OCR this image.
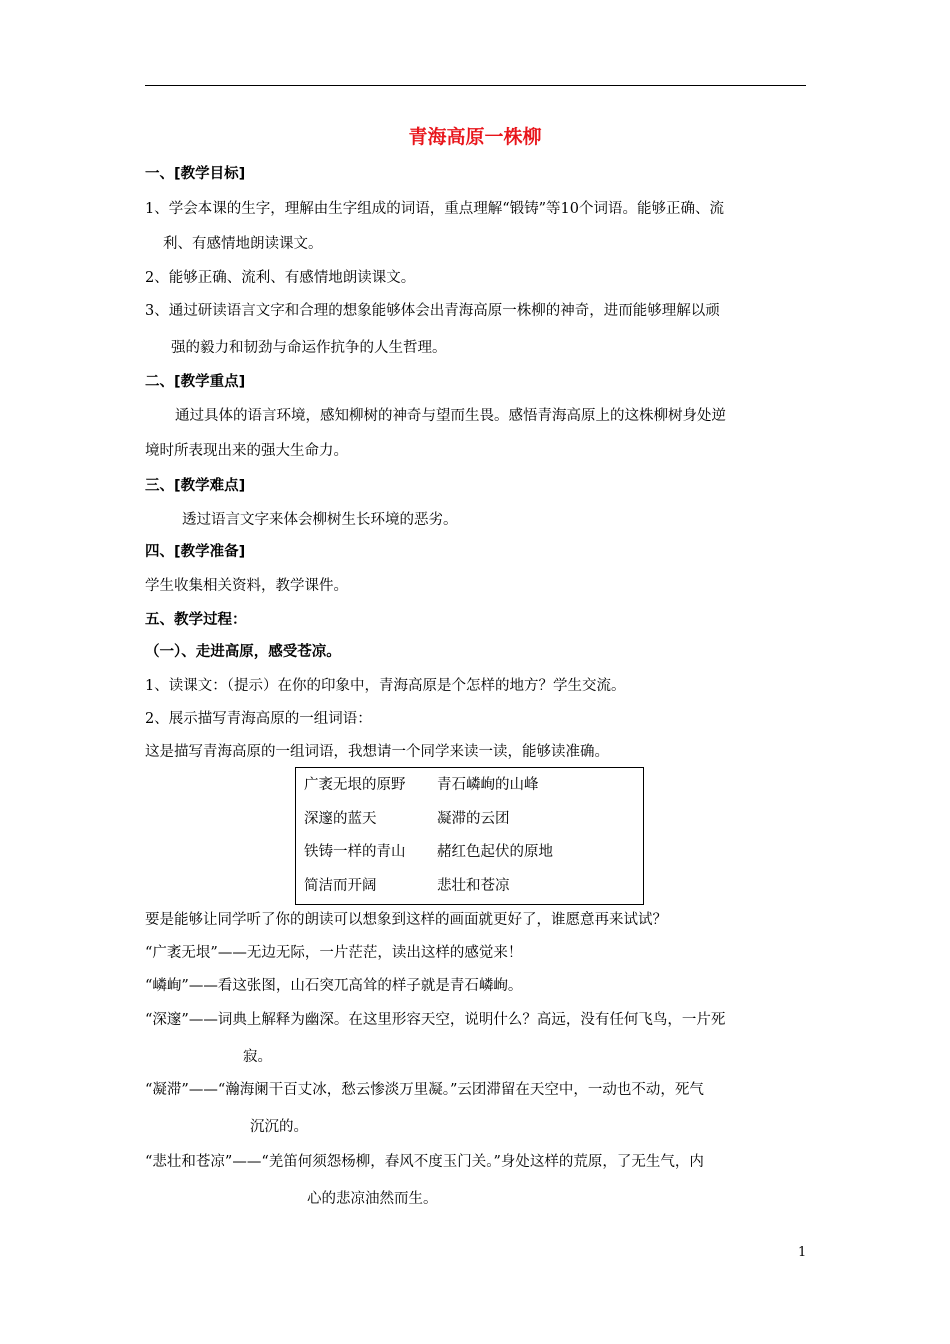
青海高原一株柳
一、[教学目标]
1、学会本课的生字，理解由生字组成的词语，重点理解“锻铸”等10个词语。能够正确、流
利、有感情地朗读课文。
2、能够正确、流利、有感情地朗读课文。
3、通过研读语言文字和合理的想象能够体会出青海高原一株柳的神奇，进而能够理解以顽
强的毅力和韧劲与命运作抗争的人生哲理。
二、[教学重点]
通过具体的语言环境，感知柳树的神奇与望而生畏。感悟青海高原上的这株柳树身处逆
境时所表现出来的强大生命力。
三、[教学难点]
透过语言文字来体会柳树生长环境的恶劣。
四、[教学准备]
学生收集相关资料，教学课件。
五、教学过程：
（一）、走进高原，感受苍凉。
1、读课文：（提示）在你的印象中，青海高原是个怎样的地方？学生交流。
2、展示描写青海高原的一组词语：
这是描写青海高原的一组词语，我想请一个同学来读一读，能够读准确。
广袤无垠的原野 青石嶙峋的山峰
深邃的蓝天	凝滞的云团
铁铸一样的青山 赭红色起伏的原地
简洁而开阔	悲壮和苍凉
要是能够让同学听了你的朗读可以想象到这样的画面就更好了，谁愿意再来试试？
“广袤无垠”——无边无际，一片茫茫，读出这样的感觉来！
“嶙峋”——看这张图，山石突兀高耸的样子就是青石嶙峋。
“深邃”——词典上解释为幽深。在这里形容天空，说明什么？高远，没有任何飞鸟，一片死
寂。
“凝滞”——“瀚海阑干百丈冰，愁云惨淡万里凝。”云团滞留在天空中，一动也不动，死气
沉沉的。
“悲壮和苍凉”——“羌笛何须怨杨柳，春风不度玉门关。”身处这样的荒原，了无生气，内
心的悲凉油然而生。
1
